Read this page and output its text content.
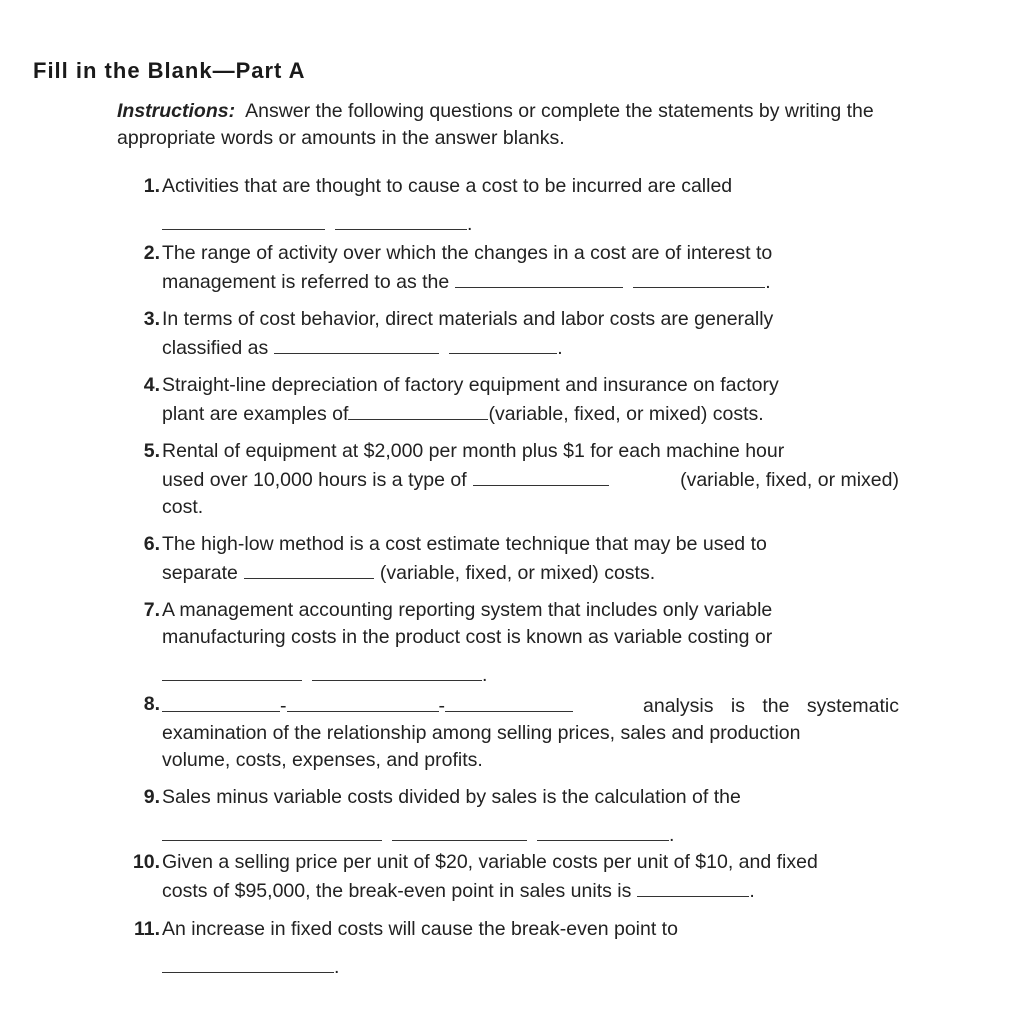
Fill in the Blank—Part A
Instructions: Answer the following questions or complete the statements by writing the appropriate words or amounts in the answer blanks.
1. Activities that are thought to cause a cost to be incurred are called
.
2. The range of activity over which the changes in a cost are of interest to
management is referred to as the	.
3. In terms of cost behavior, direct materials and labor costs are generally
classified as	.
4. Straight-line depreciation of factory equipment and insurance on factory
plant are examples of	(variable, fixed, or mixed) costs.
5. Rental of equipment at $2,000 per month plus $1 for each machine hour
used over 10,000 hours is a type of	(variable, fixed, or mixed)
cost.
6. The high-low method is a cost estimate technique that may be used to
separate	(variable, fixed, or mixed) costs.
7. A management accounting reporting system that includes only variable
manufacturing costs in the product cost is known as variable costing or
.
8.	-	-	analysis is the systematic
examination of the relationship among selling prices, sales and production
volume, costs, expenses, and profits.
9. Sales minus variable costs divided by sales is the calculation of the
.
10. Given a selling price per unit of $20, variable costs per unit of $10, and fixed
costs of $95,000, the break-even point in sales units is	.
11. An increase in fixed costs will cause the break-even point to
.
